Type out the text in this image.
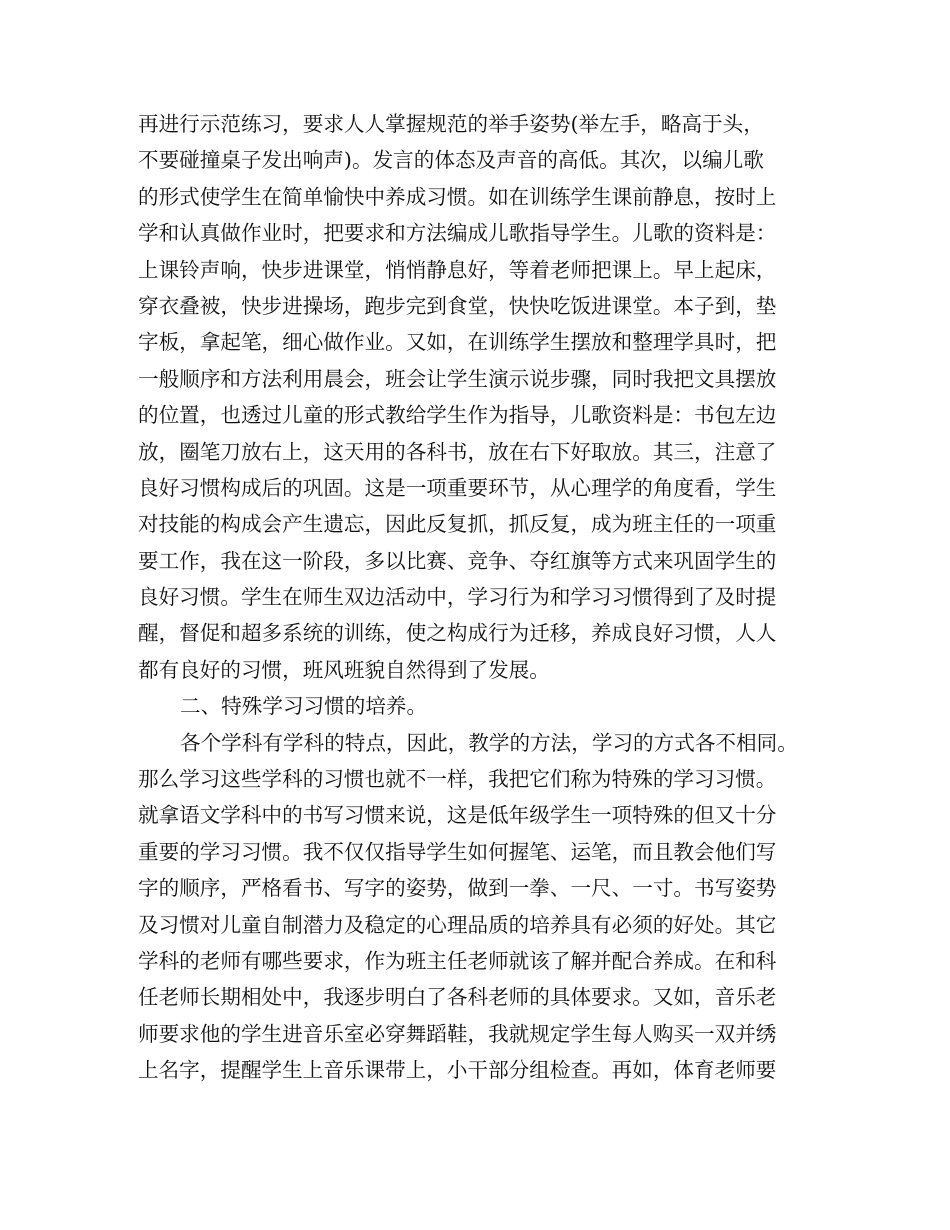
再进行示范练习，要求人人掌握规范的举手姿势(举左手，略高于头，
不要碰撞桌子发出响声)。发言的体态及声音的高低。其次，以编儿歌
的形式使学生在简单愉快中养成习惯。如在训练学生课前静息，按时上
学和认真做作业时，把要求和方法编成儿歌指导学生。儿歌的资料是：
上课铃声响，快步进课堂，悄悄静息好，等着老师把课上。早上起床，
穿衣叠被，快步进操场，跑步完到食堂，快快吃饭进课堂。本子到，垫
字板，拿起笔，细心做作业。又如，在训练学生摆放和整理学具时，把
一般顺序和方法利用晨会，班会让学生演示说步骤，同时我把文具摆放
的位置，也透过儿童的形式教给学生作为指导，儿歌资料是：书包左边
放，圈笔刀放右上，这天用的各科书，放在右下好取放。其三，注意了
良好习惯构成后的巩固。这是一项重要环节，从心理学的角度看，学生
对技能的构成会产生遗忘，因此反复抓，抓反复，成为班主任的一项重
要工作，我在这一阶段，多以比赛、竞争、夺红旗等方式来巩固学生的
良好习惯。学生在师生双边活动中，学习行为和学习习惯得到了及时提
醒，督促和超多系统的训练，使之构成行为迁移，养成良好习惯，人人
都有良好的习惯，班风班貌自然得到了发展。
二、特殊学习习惯的培养。
各个学科有学科的特点，因此，教学的方法，学习的方式各不相同。
那么学习这些学科的习惯也就不一样，我把它们称为特殊的学习习惯。
就拿语文学科中的书写习惯来说，这是低年级学生一项特殊的但又十分
重要的学习习惯。我不仅仅指导学生如何握笔、运笔，而且教会他们写
字的顺序，严格看书、写字的姿势，做到一拳、一尺、一寸。书写姿势
及习惯对儿童自制潜力及稳定的心理品质的培养具有必须的好处。其它
学科的老师有哪些要求，作为班主任老师就该了解并配合养成。在和科
任老师长期相处中，我逐步明白了各科老师的具体要求。又如，音乐老
师要求他的学生进音乐室必穿舞蹈鞋，我就规定学生每人购买一双并绣
上名字，提醒学生上音乐课带上，小干部分组检查。再如，体育老师要
